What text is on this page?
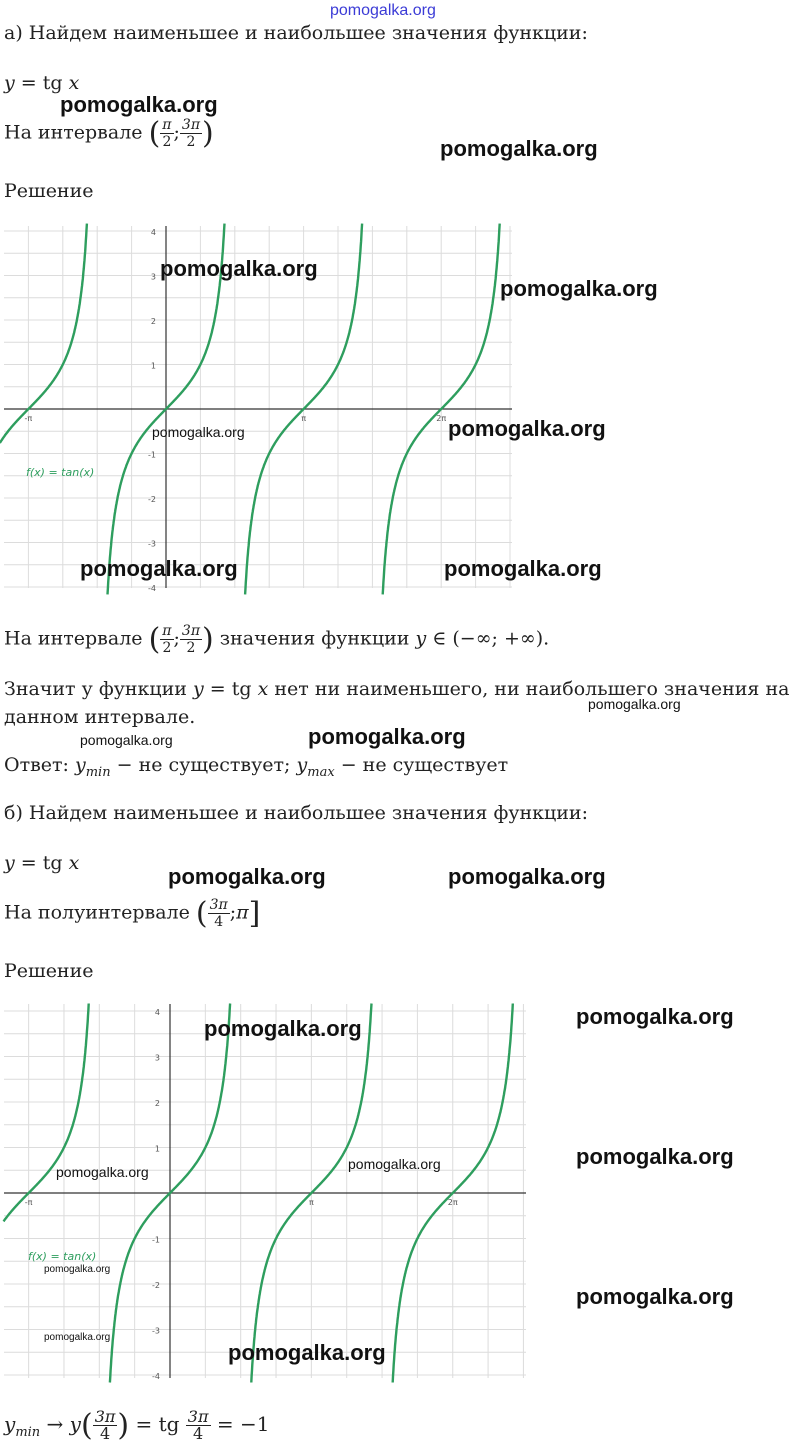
pomogalka.org
а) Найдем наименьшее и наибольшее значения функции:
y = tg x
На интервале ( $\frac{\pi}{2}$ ; $\frac{3\pi}{2}$ )
Решение
4
3
2
1
-1
-2
-3
-4
-π	π	2π
f(x) = tan(x)
На интервале ( $\frac{\pi}{2}$ ; $\frac{3\pi}{2}$ ) значения функции y ∈ (−∞; +∞).
Значит у функции y = tg x нет ни наименьшего, ни наибольшего значения на
данном интервале.
Ответ: $y_{min}$ − не существует; $y_{max}$ − не существует
б) Найдем наименьшее и наибольшее значения функции:
y = tg x
На полуинтервале ( $\frac{3\pi}{4}$ ;π]
Решение
4
3
2
1
-1
-2
-3
-4
-π	π	2π
f(x) = tan(x)
$y_{min} \to y( \frac{3\pi}{4}$ ) = tg $\frac{3\pi}{4} = -1$
pomogalka.org
pomogalka.org
pomogalka.org
pomogalka.org
pomogalka.org	pomogalka.org
pomogalka.org	pomogalka.org
pomogalka.org
pomogalka.org	pomogalka.org
pomogalka.org	pomogalka.org
pomogalka.org
pomogalka.org
pomogalka.org
pomogalka.org
pomogalka.org
pomogalka.org
pomogalka.org
pomogalka.org
pomogalka.org
